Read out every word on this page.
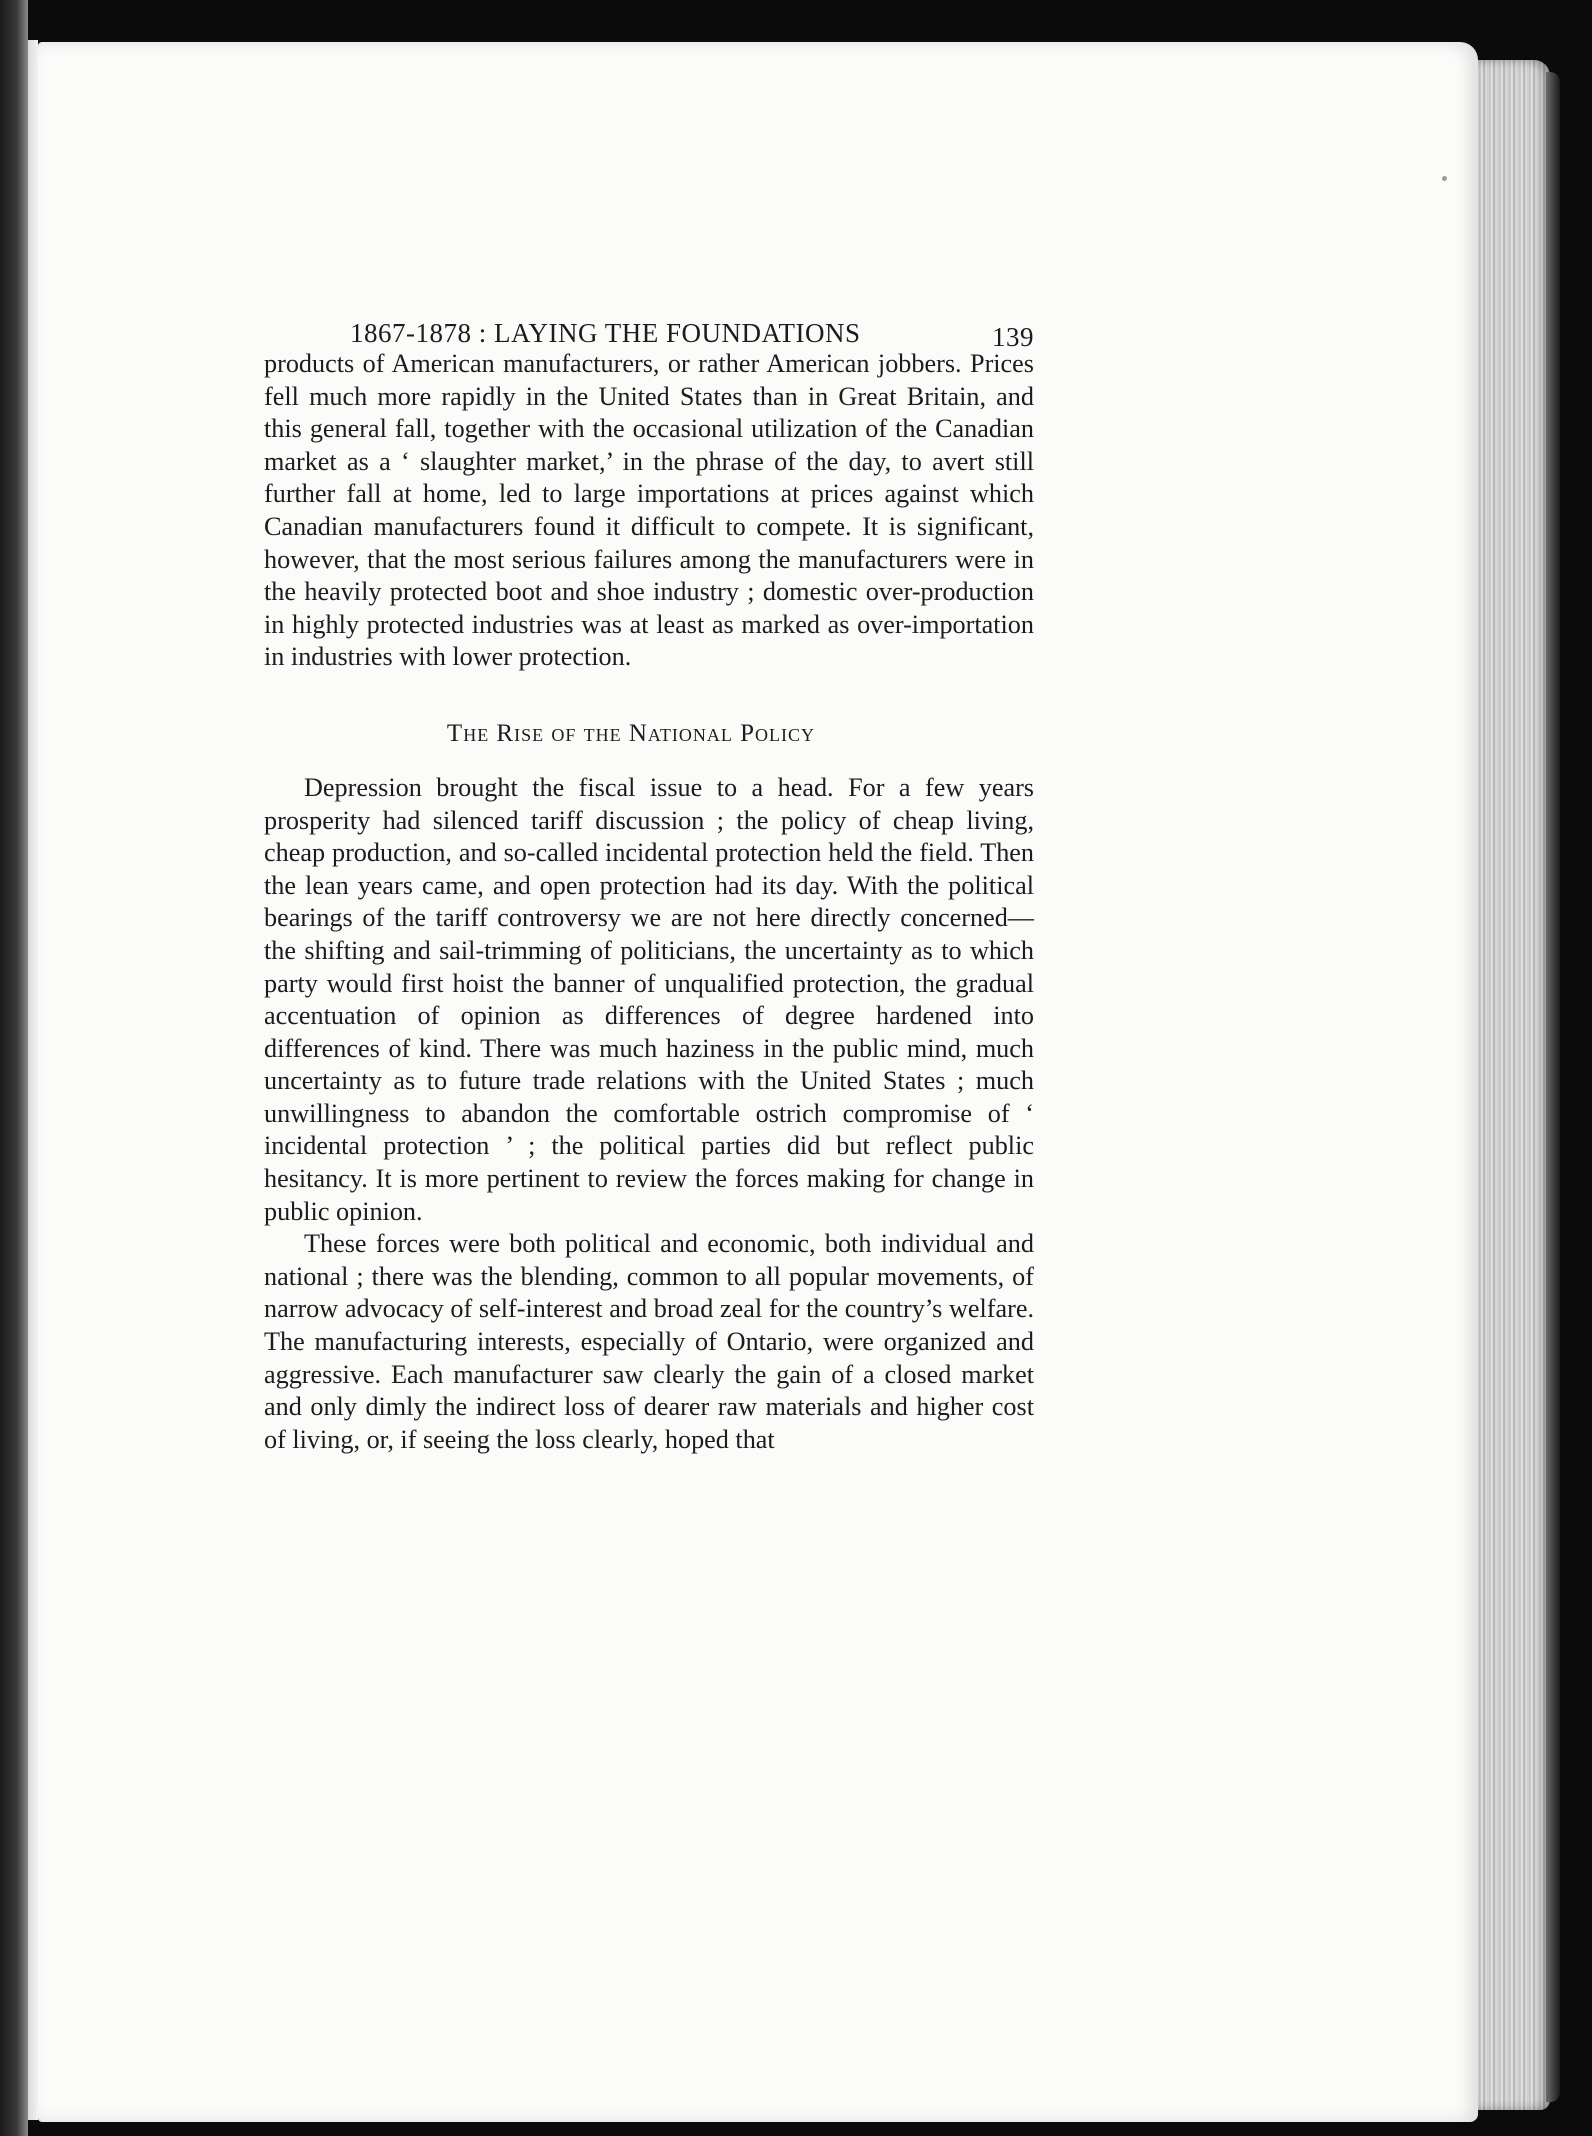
1867-1878 : LAYING THE FOUNDATIONS	139

products of American manufacturers, or rather American jobbers. Prices fell much more rapidly in the United States than in Great Britain, and this general fall, together with the occasional utilization of the Canadian market as a ‘ slaughter market,’ in the phrase of the day, to avert still further fall at home, led to large importations at prices against which Canadian manufacturers found it difficult to compete. It is significant, however, that the most serious failures among the manufacturers were in the heavily protected boot and shoe industry ; domestic over-production in highly protected industries was at least as marked as over-importation in industries with lower protection.

The Rise of the National Policy

Depression brought the fiscal issue to a head. For a few years prosperity had silenced tariff discussion ; the policy of cheap living, cheap production, and so-called incidental protection held the field. Then the lean years came, and open protection had its day. With the political bearings of the tariff controversy we are not here directly concerned—the shifting and sail-trimming of politicians, the uncertainty as to which party would first hoist the banner of unqualified protection, the gradual accentuation of opinion as differences of degree hardened into differences of kind. There was much haziness in the public mind, much uncertainty as to future trade relations with the United States ; much unwillingness to abandon the comfortable ostrich compromise of ‘ incidental protection ’ ; the political parties did but reflect public hesitancy. It is more pertinent to review the forces making for change in public opinion.

These forces were both political and economic, both individual and national ; there was the blending, common to all popular movements, of narrow advocacy of self-interest and broad zeal for the country’s welfare. The manufacturing interests, especially of Ontario, were organized and aggressive. Each manufacturer saw clearly the gain of a closed market and only dimly the indirect loss of dearer raw materials and higher cost of living, or, if seeing the loss clearly, hoped that
